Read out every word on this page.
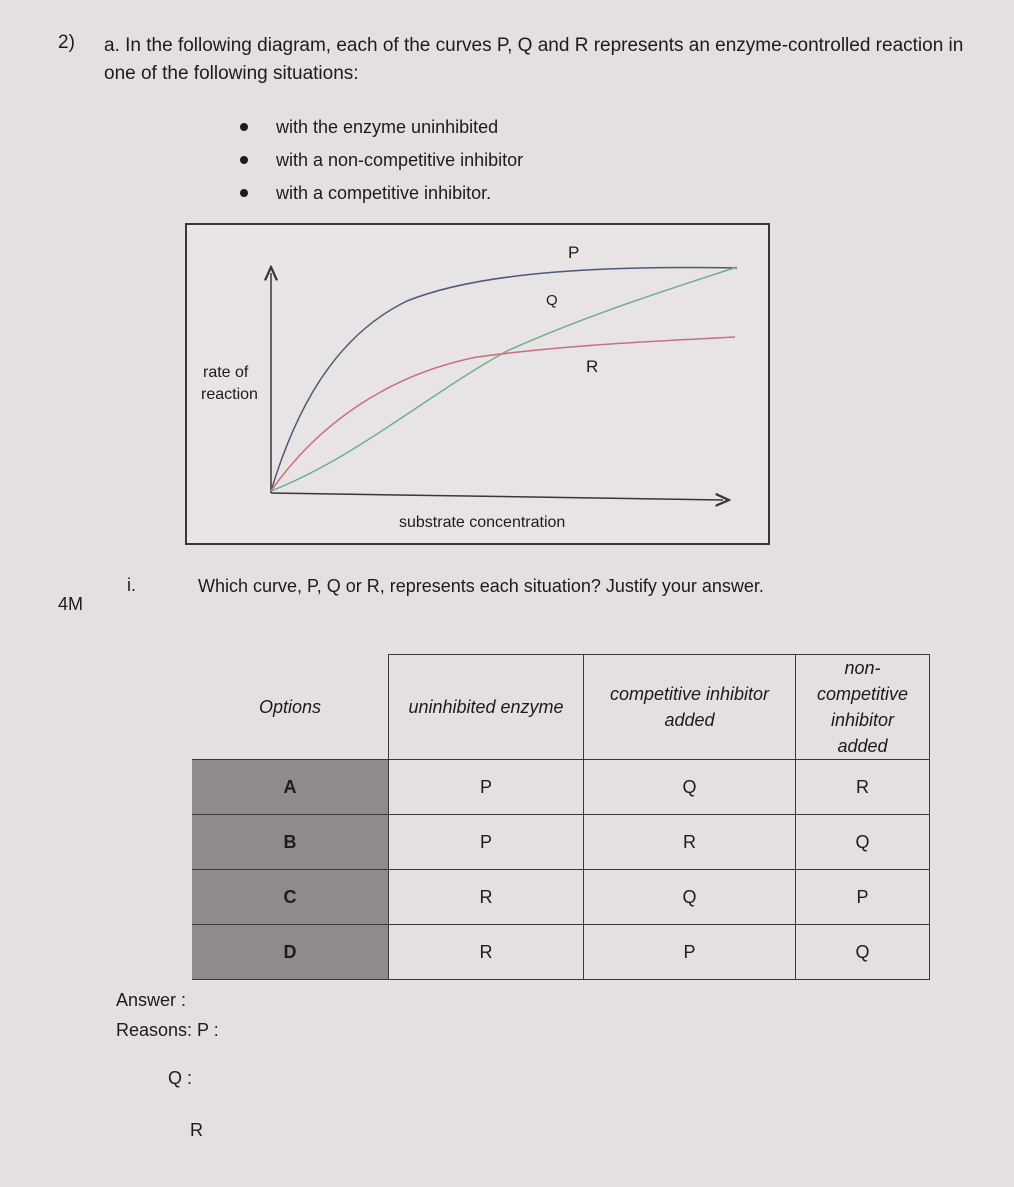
2) a. In the following diagram, each of the curves P, Q and R represents an enzyme-controlled reaction in one of the following situations:
with the enzyme uninhibited
with a non-competitive inhibitor
with a competitive inhibitor.
P
Q
R
rate of
reaction
substrate concentration
i.	Which curve, P, Q or R, represents each situation? Justify your answer.
4M
Options	uninhibited enzyme	competitive inhibitor added	non-competitive inhibitor added
A	P	Q	R
B	P	R	Q
C	R	Q	P
D	R	P	Q
Answer :
Reasons: P :
Q :
R
